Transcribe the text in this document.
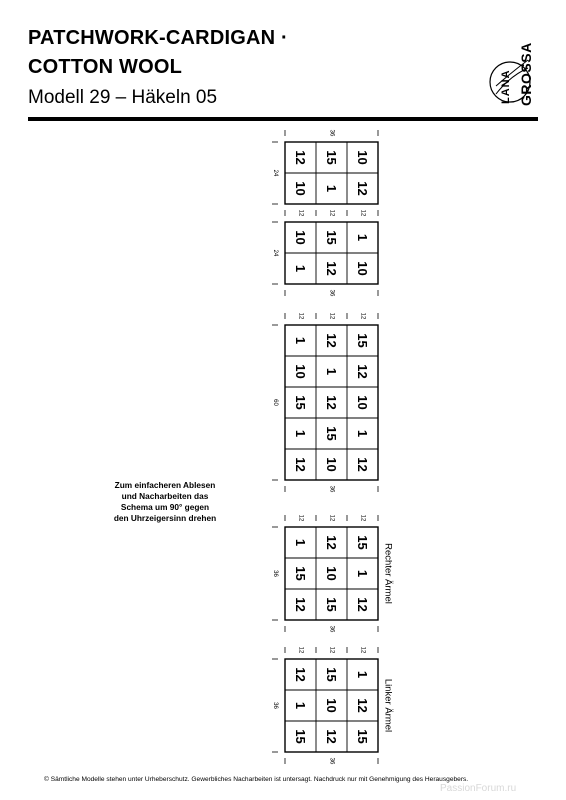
PATCHWORK-CARDIGAN ·
COTTON WOOL
Modell 29 – Häkeln 05	LANA GROSSA
12 15 10
10 1 12
36
12	12	12
24
10 15 1
1 12 10
36
24
1 12 15
10 1 12
15 12 10
1 15 1
12 10 12
36
12	12	12
60
1 12 15
15 10 1
12 15 12
36
12	12	12
36	Rechter Ärmel
12 15 1
1 10 12
15 12 15
36
12	12	12
36	Linker Ärmel
Zum einfacheren Ablesen
und Nacharbeiten das
Schema um 90° gegen
den Uhrzeigersinn drehen
© Sämtliche Modelle stehen unter Urheberschutz. Gewerbliches Nacharbeiten ist untersagt. Nachdruck nur mit Genehmigung des Herausgebers.
PassionForum.ru
